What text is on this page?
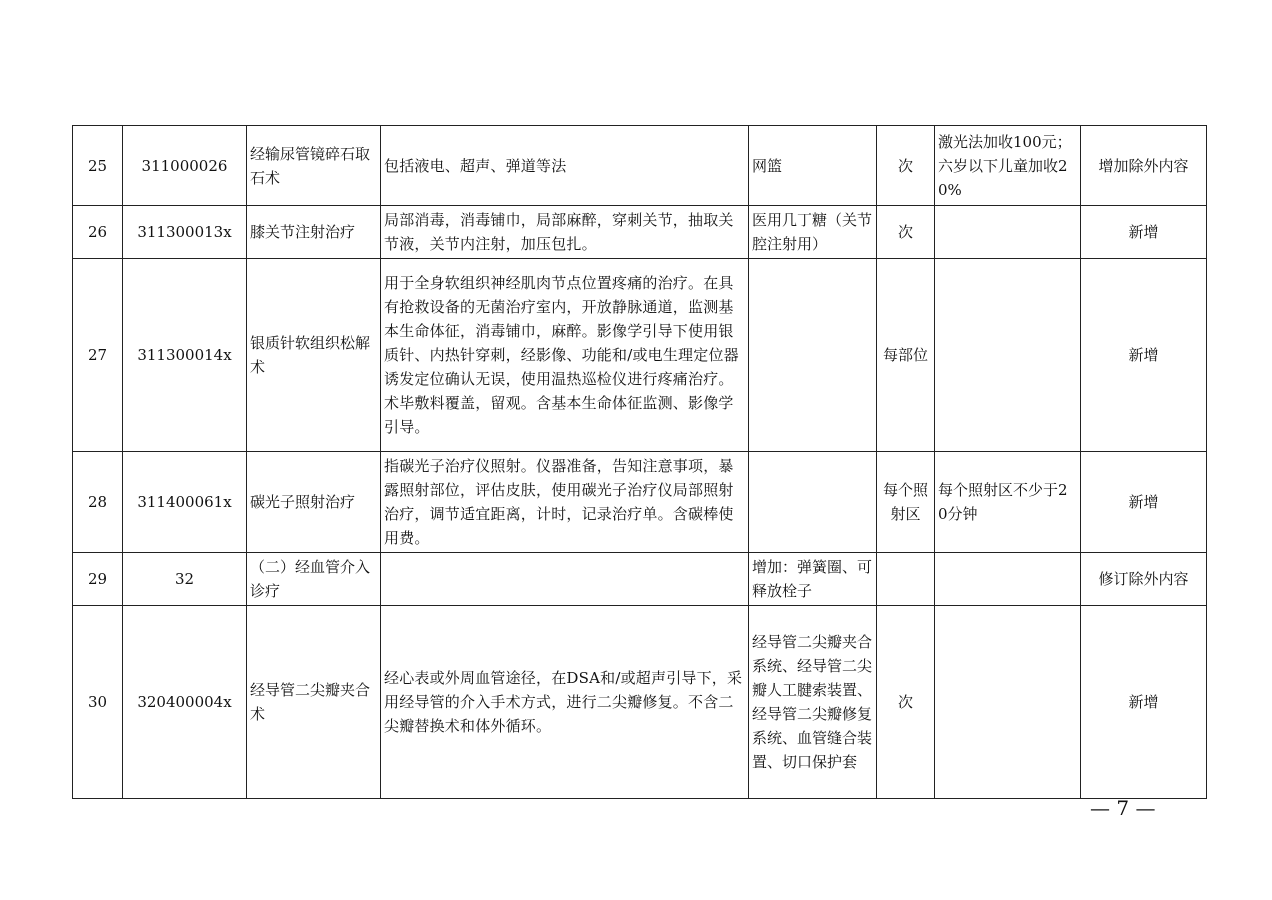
25	311000026	经输尿管镜碎石取石术	包括液电、超声、弹道等法	网篮	次	激光法加收100元；六岁以下儿童加收20%	增加除外内容
26	311300013x	膝关节注射治疗	局部消毒，消毒铺巾，局部麻醉，穿刺关节，抽取关节液，关节内注射，加压包扎。	医用几丁糖（关节腔注射用）	次		新增
27	311300014x	银质针软组织松解术	用于全身软组织神经肌肉节点位置疼痛的治疗。在具有抢救设备的无菌治疗室内，开放静脉通道，监测基本生命体征，消毒铺巾，麻醉。影像学引导下使用银质针、内热针穿刺，经影像、功能和/或电生理定位器诱发定位确认无误，使用温热巡检仪进行疼痛治疗。术毕敷料覆盖，留观。含基本生命体征监测、影像学引导。		每部位		新增
28	311400061x	碳光子照射治疗	指碳光子治疗仪照射。仪器准备，告知注意事项，暴露照射部位，评估皮肤，使用碳光子治疗仪局部照射治疗，调节适宜距离，计时，记录治疗单。含碳棒使用费。		每个照射区	每个照射区不少于20分钟	新增
29	32	（二）经血管介入诊疗		增加：弹簧圈、可释放栓子			修订除外内容
30	320400004x	经导管二尖瓣夹合术	经心表或外周血管途径，在DSA和/或超声引导下，采用经导管的介入手术方式，进行二尖瓣修复。不含二尖瓣替换术和体外循环。	经导管二尖瓣夹合系统、经导管二尖瓣人工腱索装置、经导管二尖瓣修复系统、血管缝合装置、切口保护套	次		新增
— 7 —
